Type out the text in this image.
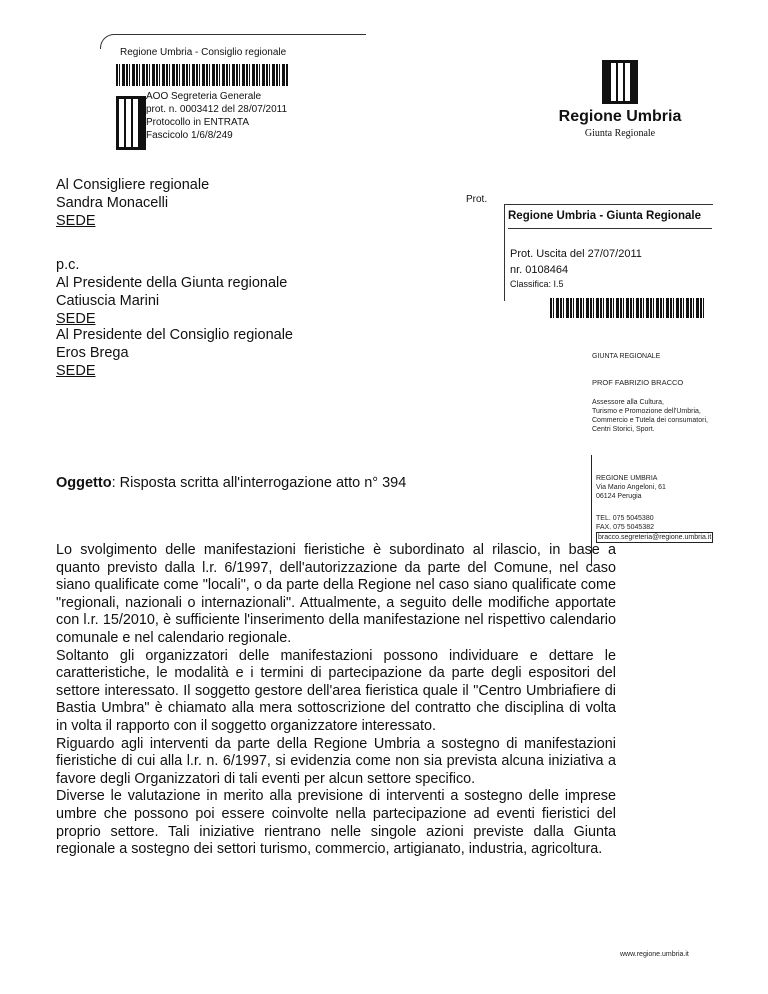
Regione Umbria - Consiglio regionale
AOO Segreteria Generale
prot. n. 0003412 del 28/07/2011
Protocollo in ENTRATA
Fascicolo 1/6/8/249
Regione Umbria
Giunta Regionale
Al Consigliere regionale
Sandra Monacelli
SEDE
p.c.
Al Presidente della Giunta regionale
Catiuscia Marini
SEDE
Al Presidente del Consiglio regionale
Eros Brega
SEDE
Prot.
Regione Umbria - Giunta Regionale
Prot. Uscita del 27/07/2011
nr. 0108464
Classifica: I.5
GIUNTA REGIONALE
PROF FABRIZIO BRACCO
Assessore alla Cultura,
Turismo e Promozione dell'Umbria,
Commercio e Tutela dei consumatori,
Centri Storici, Sport.
REGIONE UMBRIA
Via Mario Angeloni, 61
06124 Perugia
TEL. 075 5045380
FAX. 075 5045382
bracco.segreteria@regione.umbria.it
Oggetto: Risposta scritta all'interrogazione atto n° 394

Lo svolgimento delle manifestazioni fieristiche è subordinato al rilascio, in base a quanto previsto dalla l.r. 6/1997, dell'autorizzazione da parte del Comune, nel caso siano qualificate come "locali", o da parte della Regione nel caso siano qualificate come "regionali, nazionali o internazionali". Attualmente, a seguito delle modifiche apportate con l.r. 15/2010, è sufficiente l'inserimento della manifestazione nel rispettivo calendario comunale e nel calendario regionale.

Soltanto gli organizzatori delle manifestazioni possono individuare e dettare le caratteristiche, le modalità e i termini di partecipazione da parte degli espositori del settore interessato. Il soggetto gestore dell'area fieristica quale il "Centro Umbriafiere di Bastia Umbra" è chiamato alla mera sottoscrizione del contratto che disciplina di volta in volta il rapporto con il soggetto organizzatore interessato.

Riguardo agli interventi da parte della Regione Umbria a sostegno di manifestazioni fieristiche di cui alla l.r. n. 6/1997, si evidenzia come non sia prevista alcuna iniziativa a favore degli Organizzatori di tali eventi per alcun settore specifico.

Diverse le valutazione in merito alla previsione di interventi a sostegno delle imprese umbre che possono poi essere coinvolte nella partecipazione ad eventi fieristici del proprio settore. Tali iniziative rientrano nelle singole azioni previste dalla Giunta regionale a sostegno dei settori turismo, commercio, artigianato, industria, agricoltura.

www.regione.umbria.it
